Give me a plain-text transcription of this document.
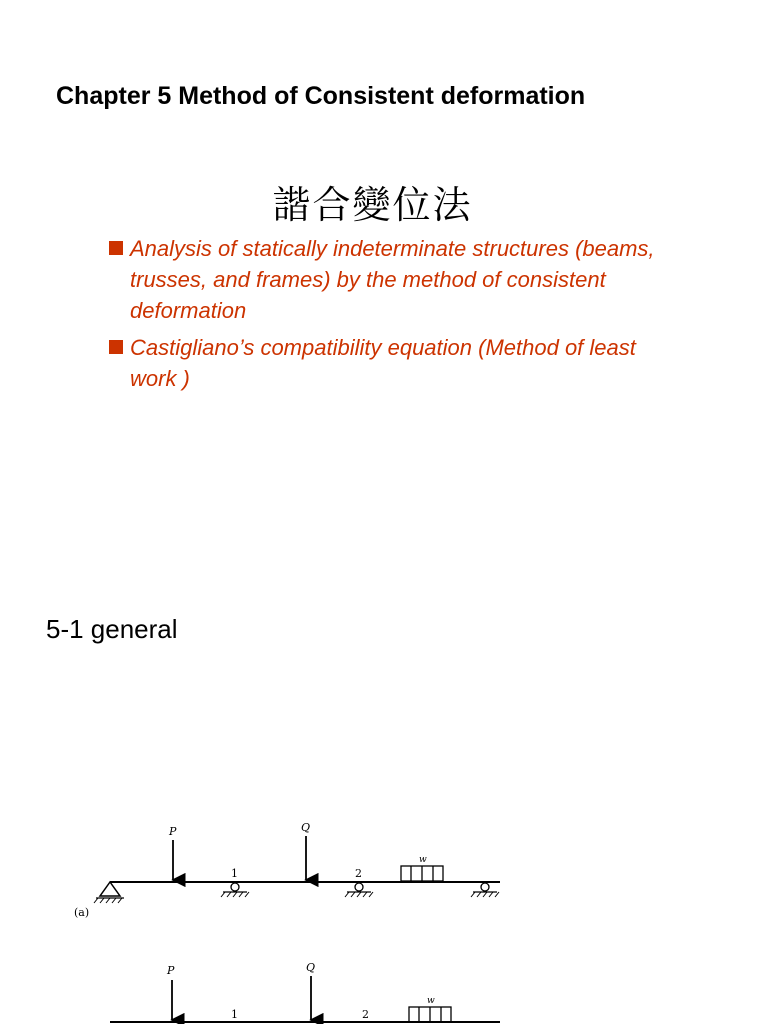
Chapter 5 Method of Consistent deformation
諧合變位法
Analysis of statically indeterminate structures (beams, trusses, and frames) by the method of consistent deformation
Castigliano’s compatibility equation (Method of least work )
5-1 general
1	2
P	Q
w
(a)
P	Q
1	2
w
